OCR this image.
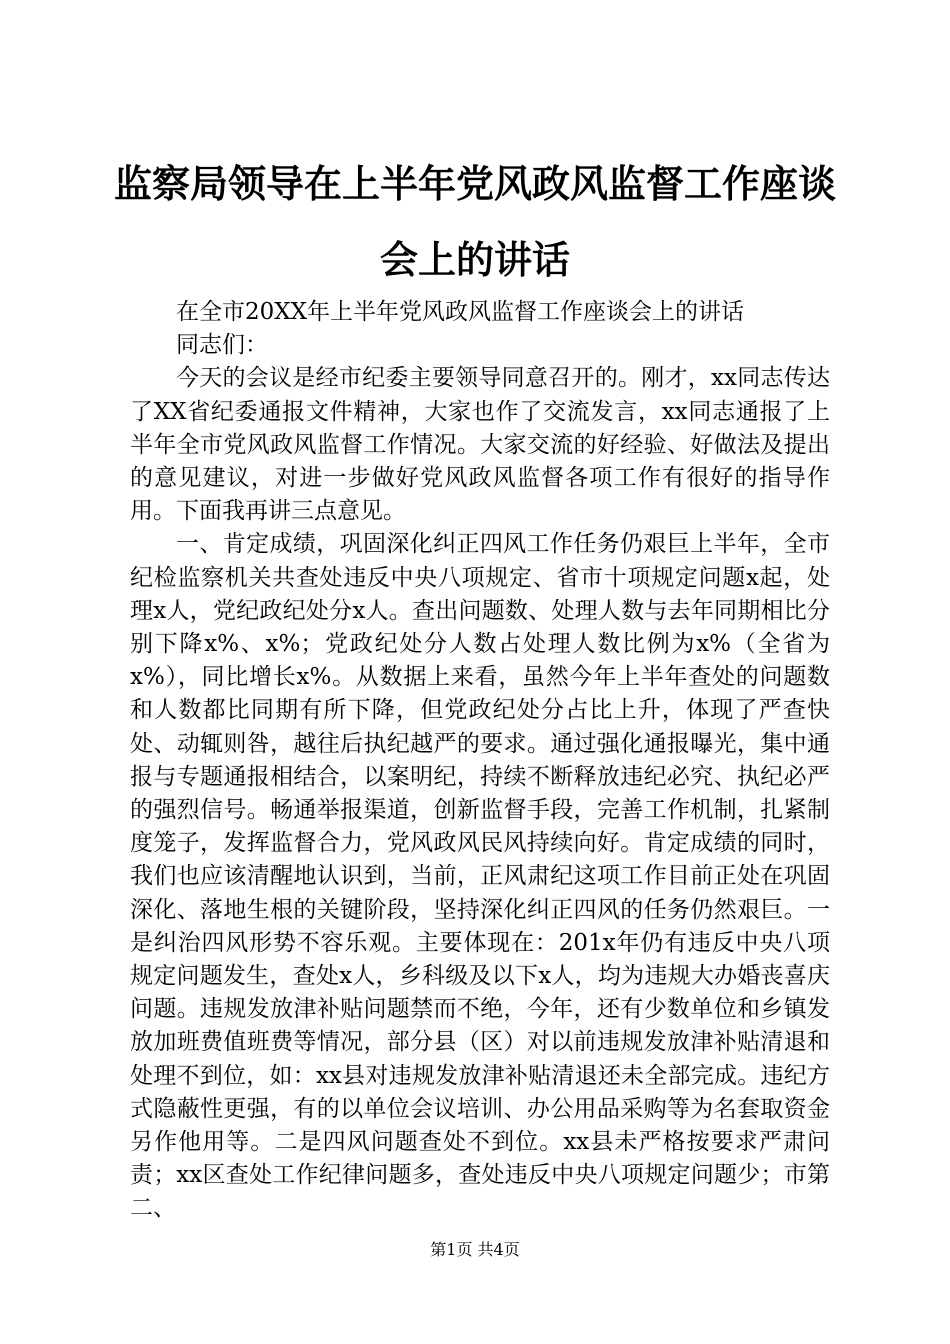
监察局领导在上半年党风政风监督工作座谈会上的讲话

在全市20XX年上半年党风政风监督工作座谈会上的讲话

同志们：

今天的会议是经市纪委主要领导同意召开的。刚才，xx同志传达了XX省纪委通报文件精神，大家也作了交流发言，xx同志通报了上半年全市党风政风监督工作情况。大家交流的好经验、好做法及提出的意见建议，对进一步做好党风政风监督各项工作有很好的指导作用。下面我再讲三点意见。

一、肯定成绩，巩固深化纠正四风工作任务仍艰巨上半年，全市纪检监察机关共查处违反中央八项规定、省市十项规定问题x起，处理x人，党纪政纪处分x人。查出问题数、处理人数与去年同期相比分别下降x%、x%；党政纪处分人数占处理人数比例为x%（全省为x%），同比增长x%。从数据上来看，虽然今年上半年查处的问题数和人数都比同期有所下降，但党政纪处分占比上升，体现了严查快处、动辄则咎，越往后执纪越严的要求。通过强化通报曝光，集中通报与专题通报相结合，以案明纪，持续不断释放违纪必究、执纪必严的强烈信号。畅通举报渠道，创新监督手段，完善工作机制，扎紧制度笼子，发挥监督合力，党风政风民风持续向好。肯定成绩的同时，我们也应该清醒地认识到，当前，正风肃纪这项工作目前正处在巩固深化、落地生根的关键阶段，坚持深化纠正四风的任务仍然艰巨。一是纠治四风形势不容乐观。主要体现在：201x年仍有违反中央八项规定问题发生，查处x人，乡科级及以下x人，均为违规大办婚丧喜庆问题。违规发放津补贴问题禁而不绝，今年，还有少数单位和乡镇发放加班费值班费等情况，部分县（区）对以前违规发放津补贴清退和处理不到位，如：xx县对违规发放津补贴清退还未全部完成。违纪方式隐蔽性更强，有的以单位会议培训、办公用品采购等为名套取资金另作他用等。二是四风问题查处不到位。xx县未严格按要求严肃问责；xx区查处工作纪律问题多，查处违反中央八项规定问题少；市第二、

第1页 共4页
